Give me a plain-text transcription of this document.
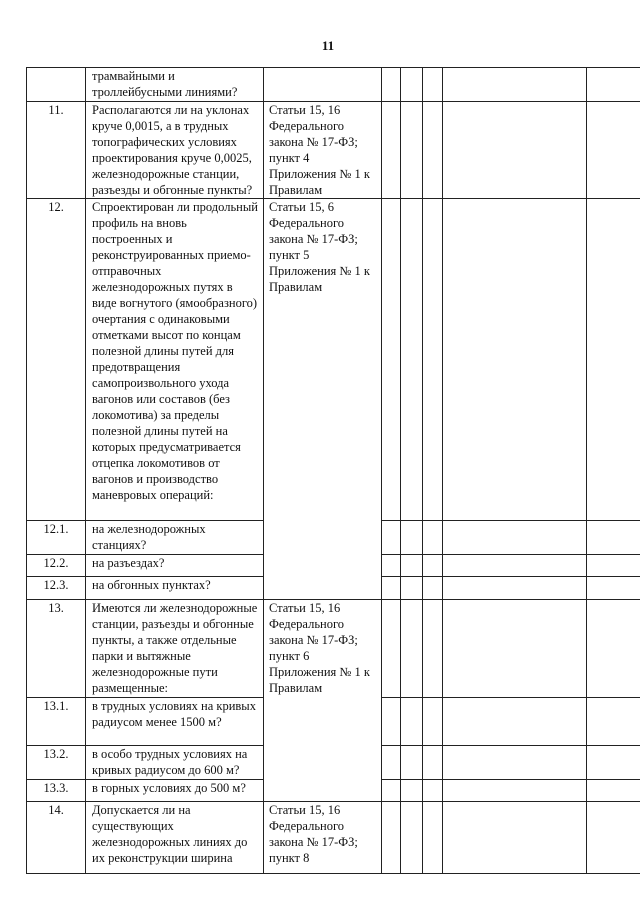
11
	трамвайными и троллейбусными линиями?						
11.	Располагаются ли на уклонах круче 0,0015, а в трудных топографических условиях проектирования круче 0,0025, железнодорожные станции, разъезды и обгонные пункты?	Статьи 15, 16 Федерального закона № 17-ФЗ; пункт 4 Приложения № 1 к Правилам					
12.	Спроектирован ли продольный профиль на вновь построенных и реконструированных приемо-отправочных железнодорожных путях в виде вогнутого (ямообразного) очертания с одинаковыми отметками высот по концам полезной длины путей для предотвращения самопроизвольного ухода вагонов или составов (без локомотива) за пределы полезной длины путей на которых предусматривается отцепка локомотивов от вагонов и производство маневровых операций:	Статьи 15, 6 Федерального закона № 17-ФЗ; пункт 5 Приложения № 1 к Правилам					
12.1.	на железнодорожных станциях?						
12.2.	на разъездах?						
12.3.	на обгонных пунктах?						
13.	Имеются ли железнодорожные станции, разъезды и обгонные пункты, а также отдельные парки и вытяжные железнодорожные пути размещенные:	Статьи 15, 16 Федерального закона № 17-ФЗ; пункт 6 Приложения № 1 к Правилам					
13.1.	в трудных условиях на кривых радиусом менее 1500 м?						
13.2.	в особо трудных условиях на кривых радиусом до 600 м?						
13.3.	в горных условиях до 500 м?						
14.	Допускается ли на существующих железнодорожных линиях до их реконструкции ширина	Статьи 15, 16 Федерального закона № 17-ФЗ; пункт 8					
